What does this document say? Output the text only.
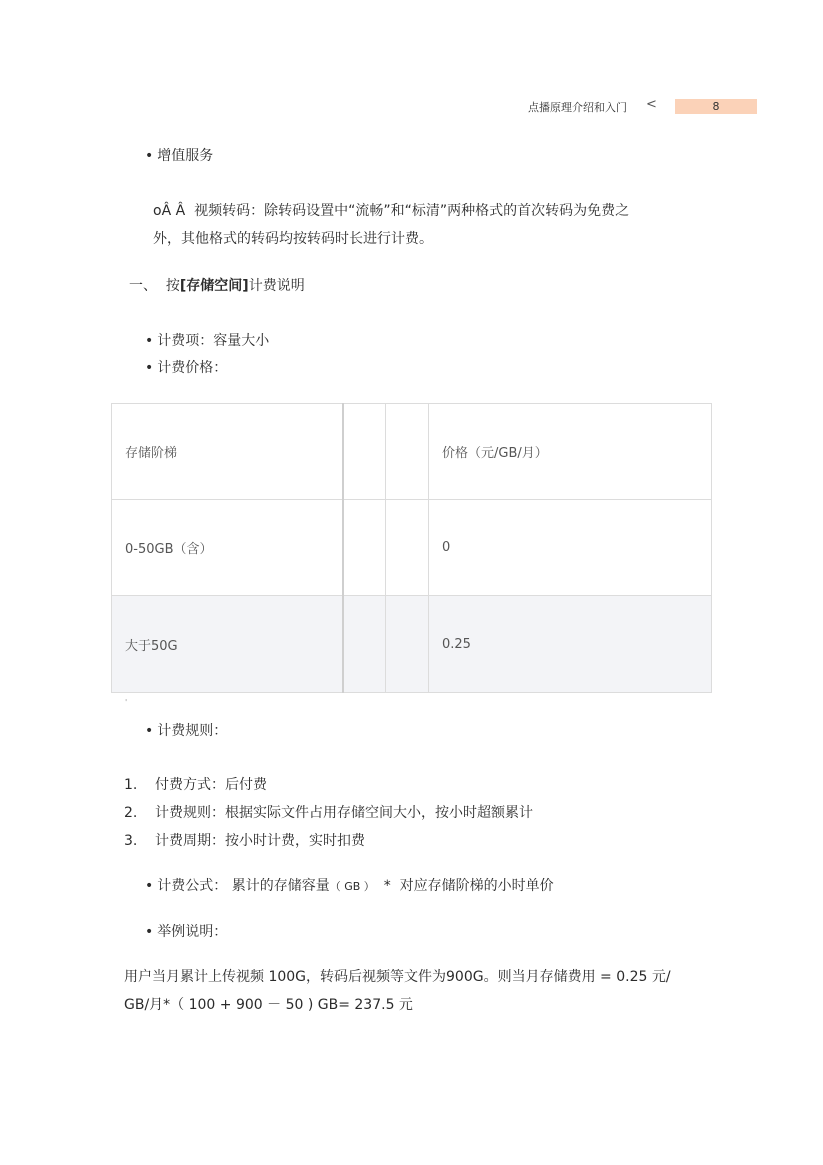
点播原理介绍和入门 <	8
• 增值服务
oÂ Â 视频转码：除转码设置中“流畅”和“标清”两种格式的首次转码为免费之
外，其他格式的转码均按转码时长进行计费。
一、 按[存储空间]计费说明
• 计费项：容量大小
• 计费价格：
存储阶梯			价格（元/GB/月）
0-50GB（含）			0
大于50G			0.25
'
• 计费规则：
1. 付费方式：后付费
2. 计费规则：根据实际文件占用存储空间大小，按小时超额累计
3. 计费周期：按小时计费，实时扣费
• 计费公式： 累计的存储容量（ GB ） * 对应存储阶梯的小时单价
• 举例说明：
用户当月累计上传视频 100G，转码后视频等文件为900G。则当月存储费用 = 0.25 元/
GB/月*（ 100 + 900 － 50 ) GB= 237.5 元
